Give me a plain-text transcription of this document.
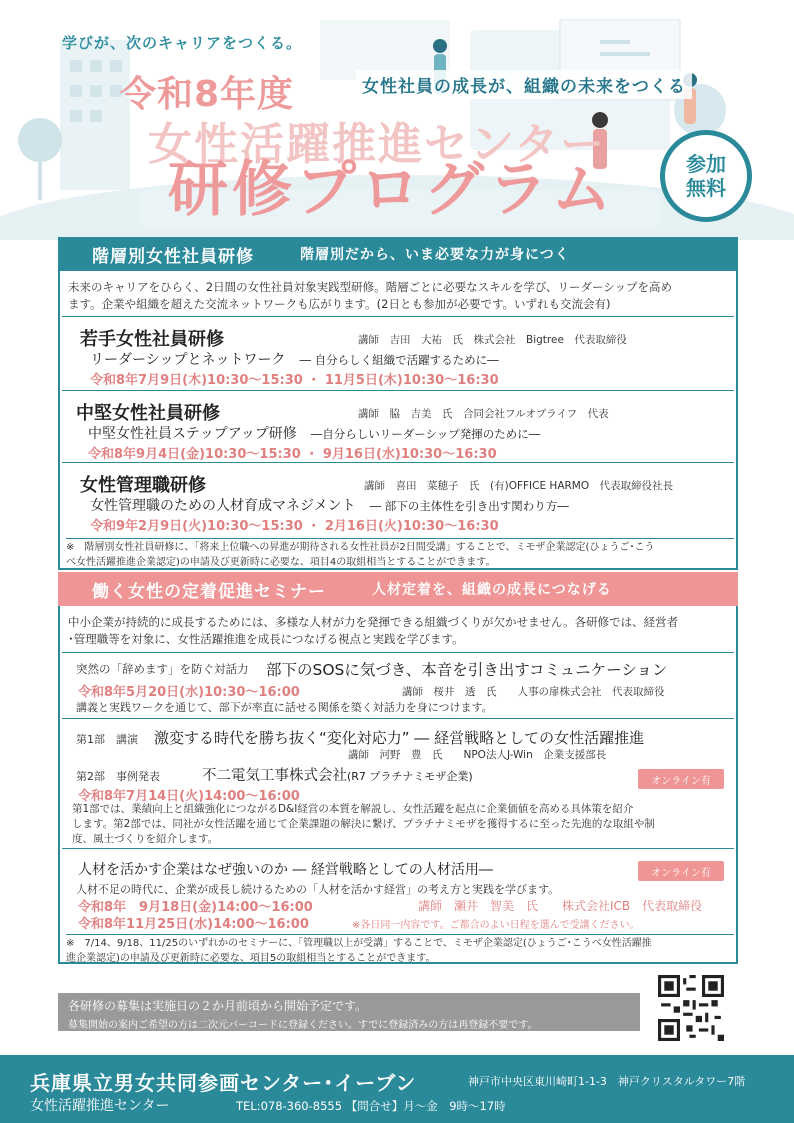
学びが、次のキャリアをつくる。
令和8年度	女性社員の成長が、組織の未来をつくる
女性活躍推進センター
研修プログラム	参加
無料
階層別女性社員研修	階層別だから、いま必要な力が身につく
未来のキャリアをひらく、2日間の女性社員対象実践型研修。階層ごとに必要なスキルを学び、リーダーシップを高め
ます。企業や組織を超えた交流ネットワークも広がります。(2日とも参加が必要です。いずれも交流会有)
若手女性社員研修	講師　吉田　大祐　氏　株式会社　Bigtree　代表取締役
リーダーシップとネットワーク ― 自分らしく組織で活躍するために―
令和8年7月9日(木)10:30〜15:30 ・ 11月5日(木)10:30〜16:30
中堅女性社員研修	講師　脇　吉美　氏　合同会社フルオブライフ　代表
中堅女性社員ステップアップ研修 ―自分らしいリーダーシップ発揮のために―
令和8年9月4日(金)10:30〜15:30 ・ 9月16日(水)10:30〜16:30
女性管理職研修	講師　喜田　菜穂子　氏　(有)OFFICE HARMO　代表取締役社長
女性管理職のための人材育成マネジメント ― 部下の主体性を引き出す関わり方―
令和9年2月9日(火)10:30〜15:30 ・ 2月16日(火)10:30〜16:30
※　階層別女性社員研修に、「将来上位職への昇進が期待される女性社員が2日間受講」することで、ミモザ企業認定(ひょうご･こう
べ女性活躍推進企業認定)の申請及び更新時に必要な、項目4の取組相当とすることができます。
働く女性の定着促進セミナー	人材定着を、組織の成長につなげる
中小企業が持続的に成長するためには、多様な人材が力を発揮できる組織づくりが欠かせません。各研修では、経営者
･管理職等を対象に、女性活躍推進を成長につなげる視点と実践を学びます。
突然の「辞めます」を防ぐ対話力 部下のSOSに気づき、本音を引き出すコミュニケーション
令和8年5月20日(水)10:30〜16:00	講師　桜井　透　氏　　人事の扉株式会社　代表取締役
講義と実践ワークを通じて、部下が率直に話せる関係を築く対話力を身につけます。
第1部　講演 激変する時代を勝ち抜く“変化対応力” ― 経営戦略としての女性活躍推進
講師　河野　豊　氏　　NPO法人J-Win　企業支援部長
第2部　事例発表	不二電気工事株式会社(R7 プラチナミモザ企業)	オンライン有
令和8年7月14日(火)14:00〜16:00
第1部では、業績向上と組織強化につながるD&I経営の本質を解説し、女性活躍を起点に企業価値を高める具体策を紹介
します。第2部では、同社が女性活躍を通じて企業課題の解決に繋げ、プラチナミモザを獲得するに至った先進的な取組や制
度、風土づくりを紹介します。
人材を活かす企業はなぜ強いのか ― 経営戦略としての人材活用―	オンライン有
人材不足の時代に、企業が成長し続けるための「人材を活かす経営」の考え方と実践を学びます。
令和8年　9月18日(金)14:00〜16:00
令和8年11月25日(水)14:00〜16:00
講師　瀬井　智美　氏　　株式会社ICB　代表取締役
※各日同一内容です。ご都合のよい日程を選んで受講ください。
※　7/14、9/18、11/25のいずれかのセミナーに、「管理職以上が受講」することで、ミモザ企業認定(ひょうご･こうべ女性活躍推
進企業認定)の申請及び更新時に必要な、項目5の取組相当とすることができます。
各研修の募集は実施日の２か月前頃から開始予定です。
募集開始の案内ご希望の方は二次元バーコードに登録ください。すでに登録済みの方は再登録不要です。
兵庫県立男女共同参画センター･イーブン
女性活躍推進センター
神戸市中央区東川崎町1-1-3　神戸クリスタルタワー7階
TEL:078-360-8555 【問合せ】月〜金　9時〜17時
